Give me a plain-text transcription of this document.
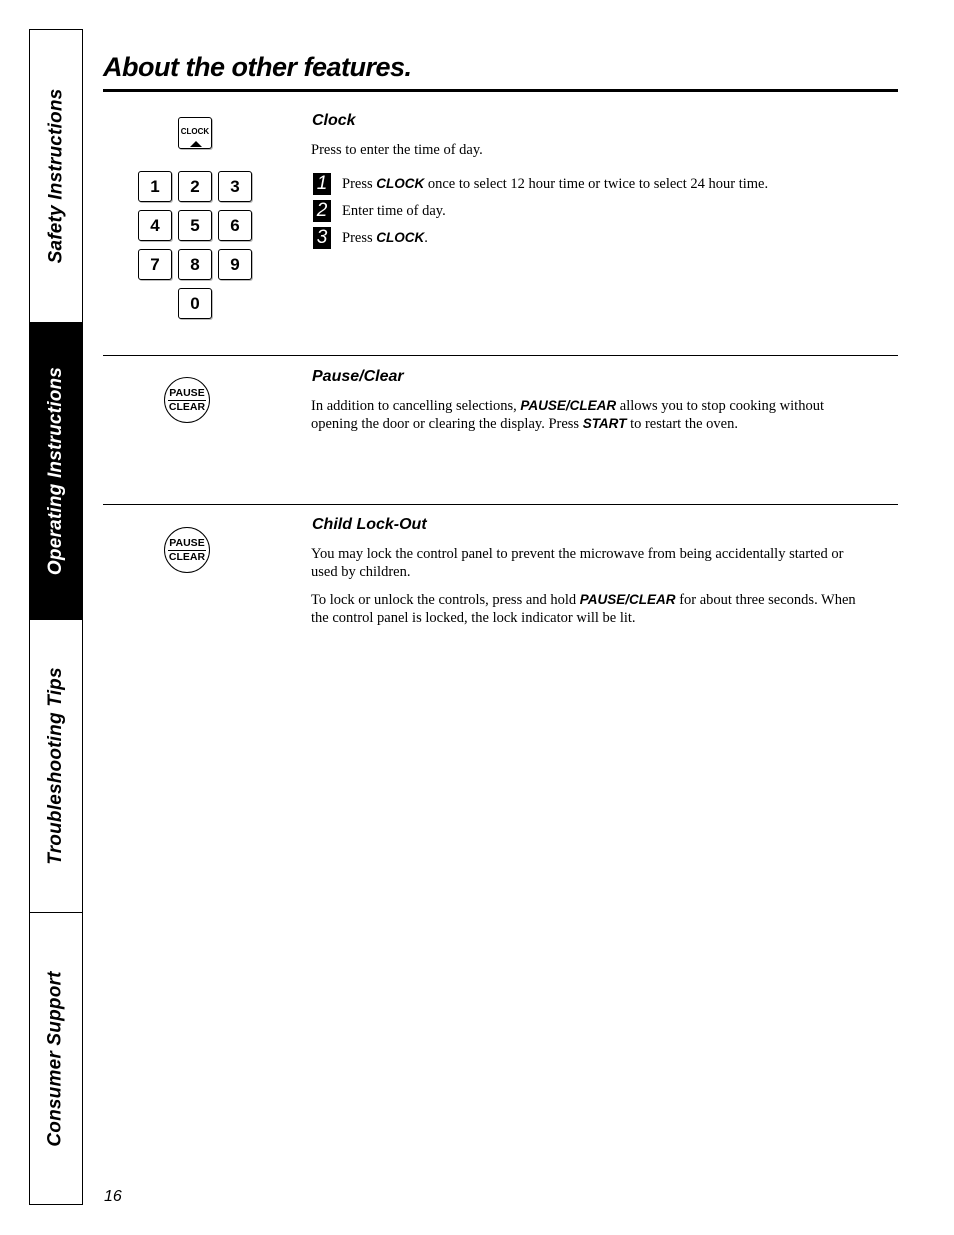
Safety Instructions
Operating Instructions
Troubleshooting Tips
Consumer Support
About the other features.
CLOCK
1	2	3
4	5	6
7	8	9
0
Clock

Press to enter the time of day.

1 Press CLOCK once to select 12 hour time or twice to select 24 hour time.
2 Enter time of day.
3 Press CLOCK.
PAUSE
CLEAR
Pause/Clear

In addition to cancelling selections, PAUSE/CLEAR allows you to stop cooking without opening the door or clearing the display. Press START to restart the oven.

PAUSE
CLEAR
Child Lock-Out

You may lock the control panel to prevent the microwave from being accidentally started or used by children.

To lock or unlock the controls, press and hold PAUSE/CLEAR for about three seconds. When the control panel is locked, the lock indicator will be lit.

16
